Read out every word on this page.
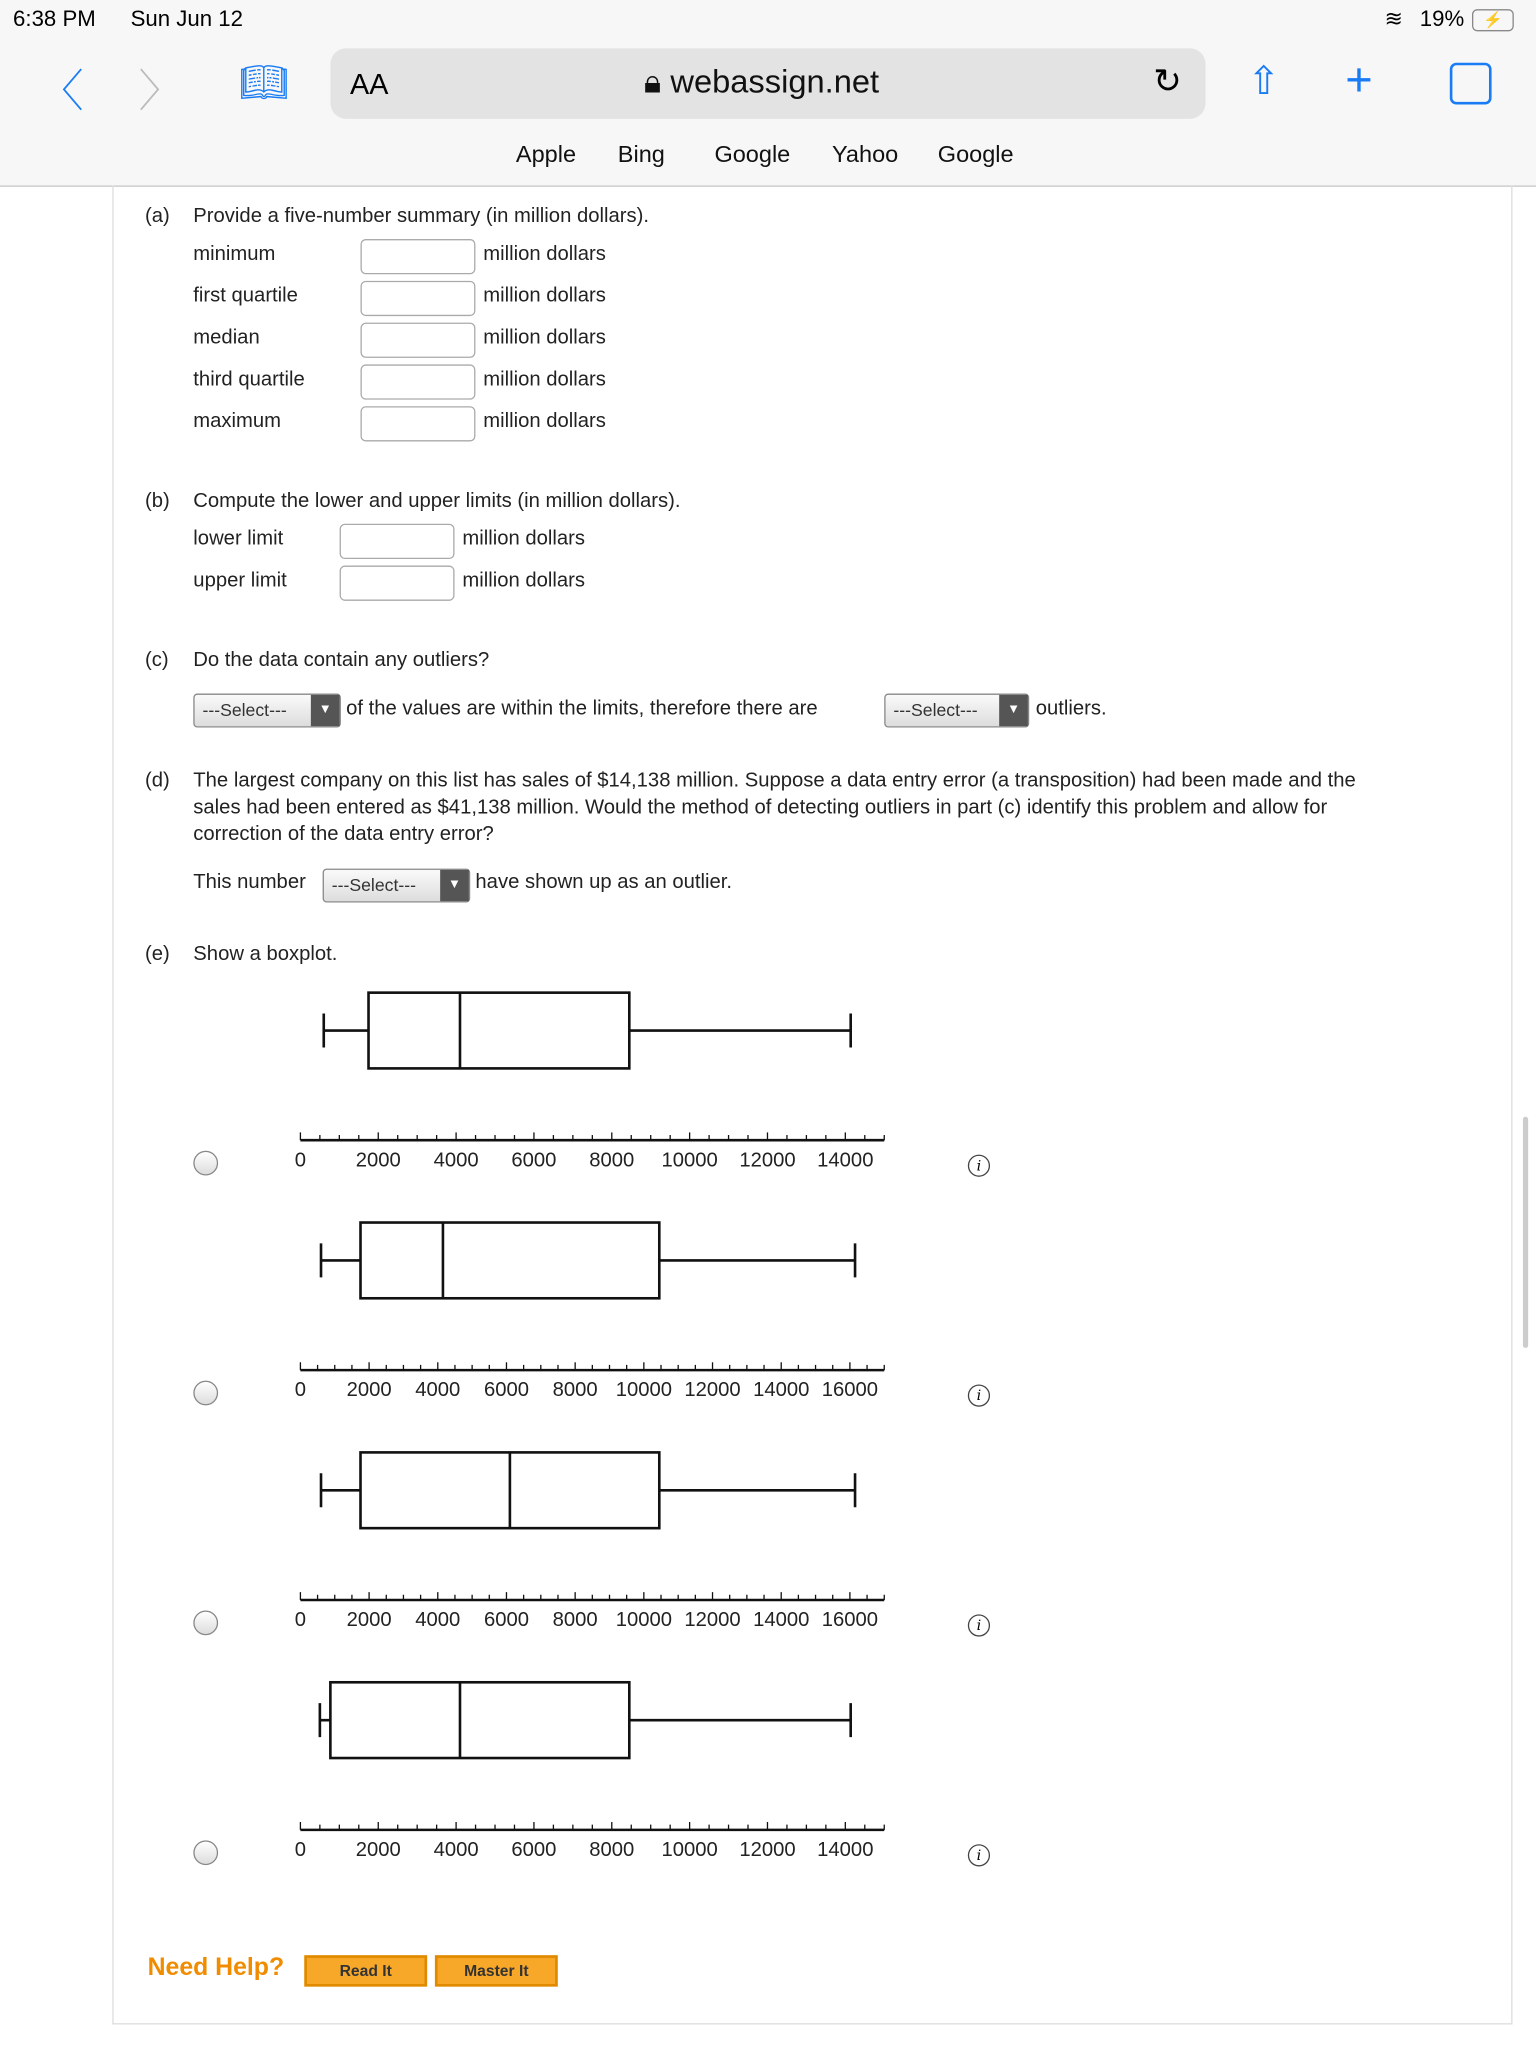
6:38 PM Sun Jun 12	≋ 19%	⚡
〈 〉 📖︎	AA	🔒︎ webassign.net	↻ ⇧ +
Apple Bing	Google Yahoo Google
(a) Provide a five-number summary (in million dollars).
minimum	million dollars
first quartile	million dollars
median	million dollars
third quartile	million dollars
maximum	million dollars
(b) Compute the lower and upper limits (in million dollars).
lower limit	million dollars
upper limit	million dollars
(c) Do the data contain any outliers?
---Select---	▼ of the values are within the limits, therefore there are	---Select---	▼	outliers.
(d) The largest company on this list has sales of $14,138 million. Suppose a data entry error (a transposition) had been made and the
sales had been entered as $41,138 million. Would the method of detecting outliers in part (c) identify this problem and allow for
correction of the data entry error?
This number ---Select---	▼ have shown up as an outlier.
(e) Show a boxplot.
i
0	2000 4000 6000 8000 10000 12000 14000
i
0	2000 4000 6000 8000 10000 12000 14000 16000
i
0	2000 4000 6000 8000 10000 12000 14000 16000
i
0	2000 4000 6000 8000 10000 12000 14000
Need Help?	Read It	Master It
